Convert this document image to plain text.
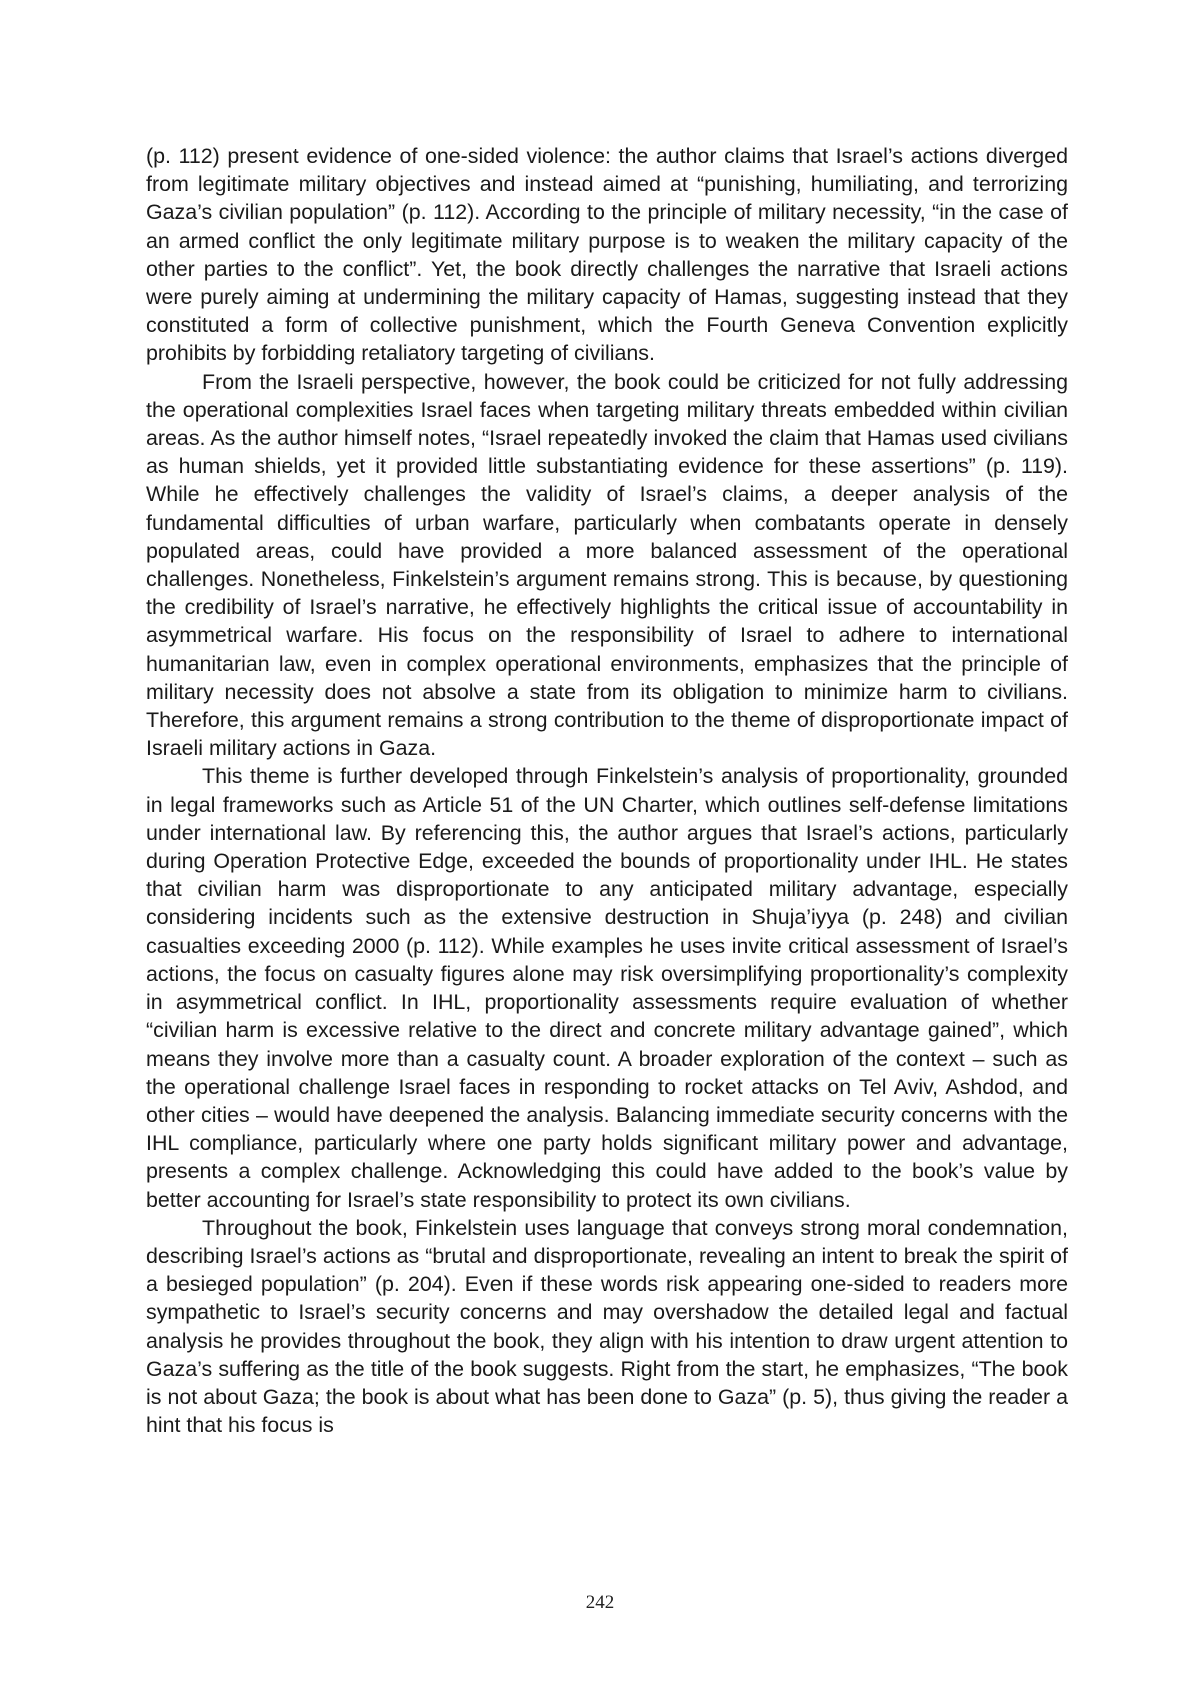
(p. 112) present evidence of one-sided violence: the author claims that Israel’s actions diverged from legitimate military objectives and instead aimed at “punishing, humiliating, and terrorizing Gaza’s civilian population” (p. 112). According to the principle of military necessity, “in the case of an armed conflict the only legitimate military purpose is to weaken the military capacity of the other parties to the conflict”. Yet, the book directly challenges the narrative that Israeli actions were purely aiming at undermining the military capacity of Hamas, suggesting instead that they constituted a form of collective punishment, which the Fourth Geneva Convention explicitly prohibits by forbidding retaliatory targeting of civilians.

From the Israeli perspective, however, the book could be criticized for not fully addressing the operational complexities Israel faces when targeting military threats embedded within civilian areas. As the author himself notes, “Israel repeatedly invoked the claim that Hamas used civilians as human shields, yet it provided little substantiating evidence for these assertions” (p. 119). While he effectively challenges the validity of Israel’s claims, a deeper analysis of the fundamental difficulties of urban warfare, particularly when combatants operate in densely populated areas, could have provided a more balanced assessment of the operational challenges. Nonetheless, Finkelstein’s argument remains strong. This is because, by questioning the credibility of Israel’s narrative, he effectively highlights the critical issue of accountability in asymmetrical warfare. His focus on the responsibility of Israel to adhere to international humanitarian law, even in complex operational environments, emphasizes that the principle of military necessity does not absolve a state from its obligation to minimize harm to civilians. Therefore, this argument remains a strong contribution to the theme of disproportionate impact of Israeli military actions in Gaza.

This theme is further developed through Finkelstein’s analysis of proportionality, grounded in legal frameworks such as Article 51 of the UN Charter, which outlines self-defense limitations under international law. By referencing this, the author argues that Israel’s actions, particularly during Operation Protective Edge, exceeded the bounds of proportionality under IHL. He states that civilian harm was disproportionate to any anticipated military advantage, especially considering incidents such as the extensive destruction in Shuja’iyya (p. 248) and civilian casualties exceeding 2000 (p. 112). While examples he uses invite critical assessment of Israel’s actions, the focus on casualty figures alone may risk oversimplifying proportionality’s complexity in asymmetrical conflict. In IHL, proportionality assessments require evaluation of whether “civilian harm is excessive relative to the direct and concrete military advantage gained”, which means they involve more than a casualty count. A broader exploration of the context – such as the operational challenge Israel faces in responding to rocket attacks on Tel Aviv, Ashdod, and other cities – would have deepened the analysis. Balancing immediate security concerns with the IHL compliance, particularly where one party holds significant military power and advantage, presents a complex challenge. Acknowledging this could have added to the book’s value by better accounting for Israel’s state responsibility to protect its own civilians.

Throughout the book, Finkelstein uses language that conveys strong moral condemnation, describing Israel’s actions as “brutal and disproportionate, revealing an intent to break the spirit of a besieged population” (p. 204). Even if these words risk appearing one-sided to readers more sympathetic to Israel’s security concerns and may overshadow the detailed legal and factual analysis he provides throughout the book, they align with his intention to draw urgent attention to Gaza’s suffering as the title of the book suggests. Right from the start, he emphasizes, “The book is not about Gaza; the book is about what has been done to Gaza” (p. 5), thus giving the reader a hint that his focus is

242
